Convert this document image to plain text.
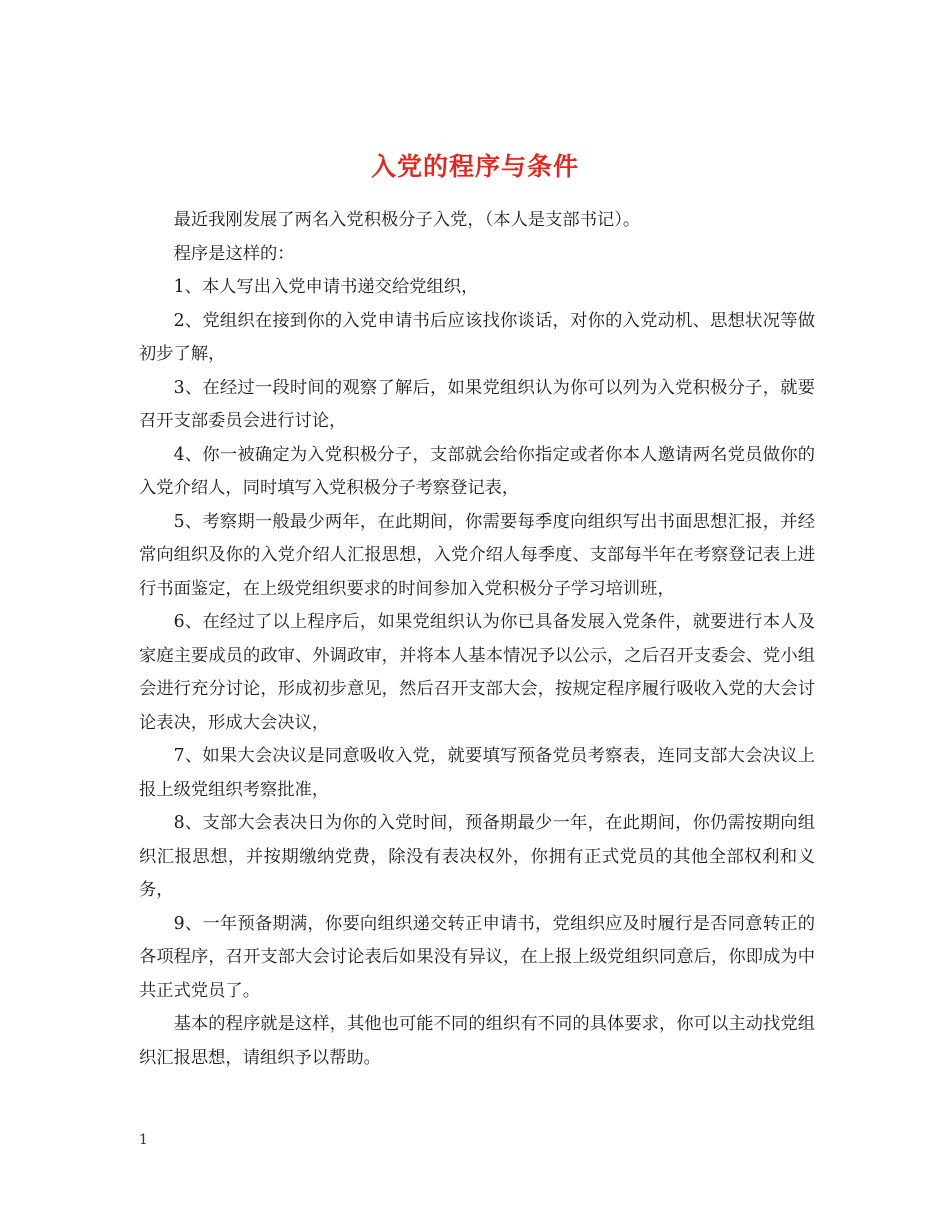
入党的程序与条件

最近我刚发展了两名入党积极分子入党，（本人是支部书记）。

程序是这样的：

1、本人写出入党申请书递交给党组织，

2、党组织在接到你的入党申请书后应该找你谈话，对你的入党动机、思想状况等做初步了解，

3、在经过一段时间的观察了解后，如果党组织认为你可以列为入党积极分子，就要召开支部委员会进行讨论，

4、你一被确定为入党积极分子，支部就会给你指定或者你本人邀请两名党员做你的入党介绍人，同时填写入党积极分子考察登记表，

5、考察期一般最少两年，在此期间，你需要每季度向组织写出书面思想汇报，并经常向组织及你的入党介绍人汇报思想，入党介绍人每季度、支部每半年在考察登记表上进行书面鉴定，在上级党组织要求的时间参加入党积极分子学习培训班，

6、在经过了以上程序后，如果党组织认为你已具备发展入党条件，就要进行本人及家庭主要成员的政审、外调政审，并将本人基本情况予以公示，之后召开支委会、党小组会进行充分讨论，形成初步意见，然后召开支部大会，按规定程序履行吸收入党的大会讨论表决，形成大会决议，

7、如果大会决议是同意吸收入党，就要填写预备党员考察表，连同支部大会决议上报上级党组织考察批准，

8、支部大会表决日为你的入党时间，预备期最少一年，在此期间，你仍需按期向组织汇报思想，并按期缴纳党费，除没有表决权外，你拥有正式党员的其他全部权利和义务，

9、一年预备期满，你要向组织递交转正申请书，党组织应及时履行是否同意转正的各项程序，召开支部大会讨论表后如果没有异议，在上报上级党组织同意后，你即成为中共正式党员了。

基本的程序就是这样，其他也可能不同的组织有不同的具体要求，你可以主动找党组织汇报思想，请组织予以帮助。

1
